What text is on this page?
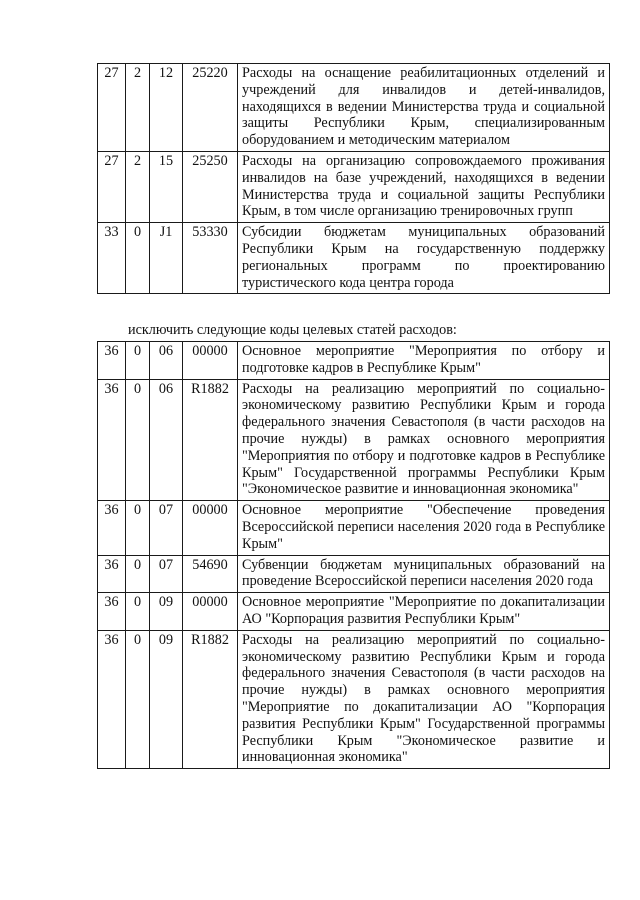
27	2	12	25220	Расходы на оснащение реабилитационных отделений и учреждений для инвалидов и детей-инвалидов, находящихся в ведении Министерства труда и социальной защиты Республики Крым, специализированным оборудованием и методическим материалом
27	2	15	25250	Расходы на организацию сопровождаемого проживания инвалидов на базе учреждений, находящихся в ведении Министерства труда и социальной защиты Республики Крым, в том числе организацию тренировочных групп
33	0	J1	53330	Субсидии бюджетам муниципальных образований Республики Крым на государственную поддержку региональных программ по проектированию туристического кода центра города
исключить следующие коды целевых статей расходов:
36	0	06	00000	Основное мероприятие "Мероприятия по отбору и подготовке кадров в Республике Крым"
36	0	06	R1882	Расходы на реализацию мероприятий по социально-экономическому развитию Республики Крым и города федерального значения Севастополя (в части расходов на прочие нужды) в рамках основного мероприятия "Мероприятия по отбору и подготовке кадров в Республике Крым" Государственной программы Республики Крым "Экономическое развитие и инновационная экономика"
36	0	07	00000	Основное мероприятие "Обеспечение проведения Всероссийской переписи населения 2020 года в Республике Крым"
36	0	07	54690	Субвенции бюджетам муниципальных образований на проведение Всероссийской переписи населения 2020 года
36	0	09	00000	Основное мероприятие "Мероприятие по докапитализации АО "Корпорация развития Республики Крым"
36	0	09	R1882	Расходы на реализацию мероприятий по социально-экономическому развитию Республики Крым и города федерального значения Севастополя (в части расходов на прочие нужды) в рамках основного мероприятия "Мероприятие по докапитализации АО "Корпорация развития Республики Крым" Государственной программы Республики Крым "Экономическое развитие и инновационная экономика"
